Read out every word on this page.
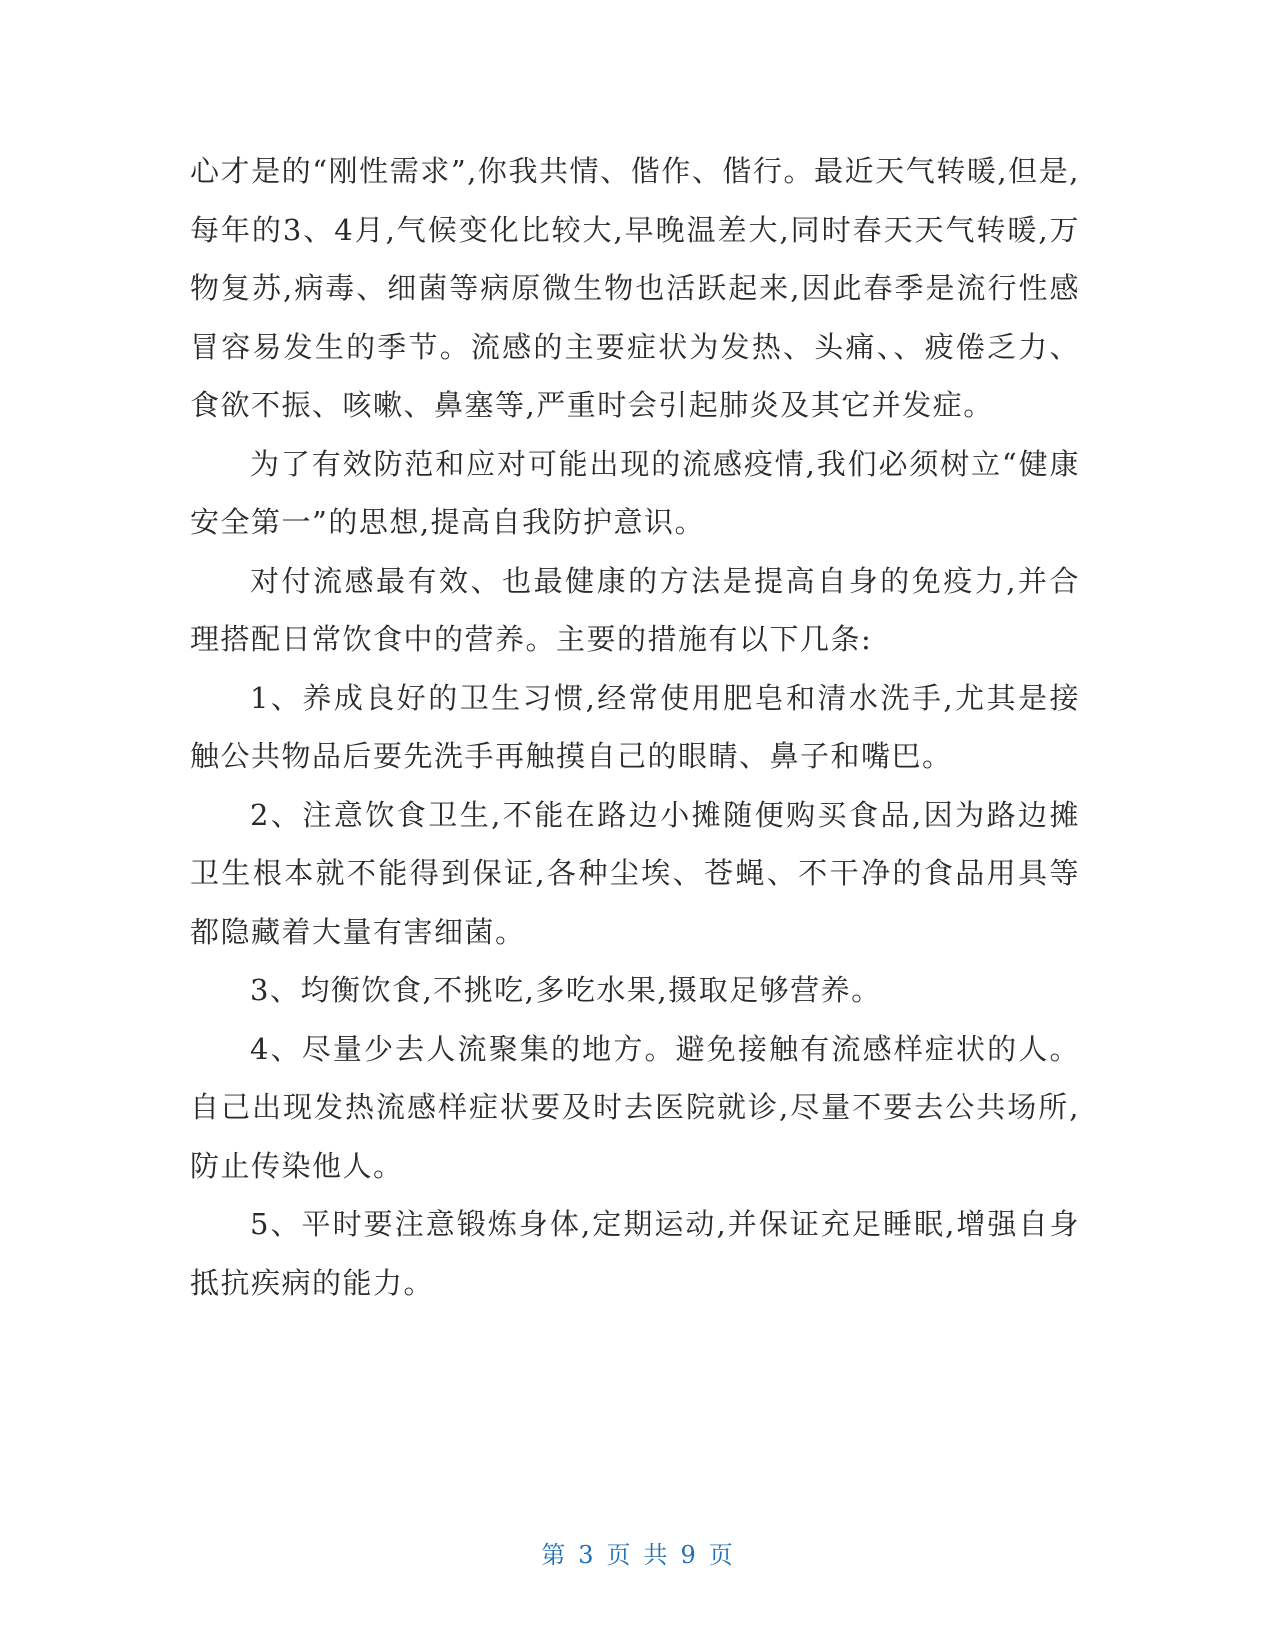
心才是的“刚性需求”,你我共情、偕作、偕行。最近天气转暖,但是,每年的3、4月,气候变化比较大,早晚温差大,同时春天天气转暖,万物复苏,病毒、细菌等病原微生物也活跃起来,因此春季是流行性感冒容易发生的季节。流感的主要症状为发热、头痛、、疲倦乏力、食欲不振、咳嗽、鼻塞等,严重时会引起肺炎及其它并发症。

为了有效防范和应对可能出现的流感疫情,我们必须树立“健康安全第一”的思想,提高自我防护意识。

对付流感最有效、也最健康的方法是提高自身的免疫力,并合理搭配日常饮食中的营养。主要的措施有以下几条:

1、养成良好的卫生习惯,经常使用肥皂和清水洗手,尤其是接触公共物品后要先洗手再触摸自己的眼睛、鼻子和嘴巴。

2、注意饮食卫生,不能在路边小摊随便购买食品,因为路边摊卫生根本就不能得到保证,各种尘埃、苍蝇、不干净的食品用具等都隐藏着大量有害细菌。

3、均衡饮食,不挑吃,多吃水果,摄取足够营养。

4、尽量少去人流聚集的地方。避免接触有流感样症状的人。自己出现发热流感样症状要及时去医院就诊,尽量不要去公共场所,防止传染他人。

5、平时要注意锻炼身体,定期运动,并保证充足睡眠,增强自身抵抗疾病的能力。

第 3 页 共 9 页
